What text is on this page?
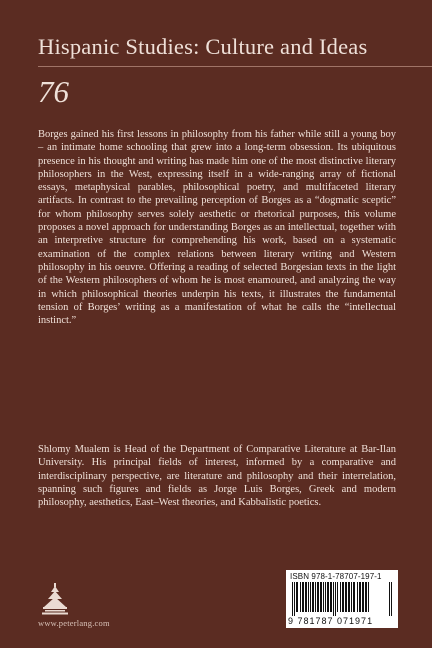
Hispanic Studies: Culture and Ideas
76

Borges gained his first lessons in philosophy from his father while still a young boy – an intimate home schooling that grew into a long-term obsession. Its ubiquitous presence in his thought and writing has made him one of the most distinctive literary philosophers in the West, expressing itself in a wide-ranging array of fictional essays, metaphysical parables, philosophical poetry, and multifaceted literary artifacts. In contrast to the prevailing perception of Borges as a “dogmatic sceptic” for whom philosophy serves solely aesthetic or rhetorical purposes, this volume proposes a novel approach for understanding Borges as an intellectual, together with an interpretive structure for comprehending his work, based on a systematic examination of the complex relations between literary writing and Western philosophy in his oeuvre. Offering a reading of selected Borgesian texts in the light of the Western philosophers of whom he is most enamoured, and analyzing the way in which philosophical theories underpin his texts, it illustrates the fundamental tension of Borges’ writing as a manifestation of what he calls the “intellectual instinct.”

Shlomy Mualem is Head of the Department of Comparative Literature at Bar-Ilan University. His principal fields of interest, informed by a comparative and interdisciplinary perspective, are literature and philosophy and their interrelation, spanning such figures and fields as Jorge Luis Borges, Greek and modern philosophy, aesthetics, East–West theories, and Kabbalistic poetics.

www.peterlang.com
ISBN 978-1-78707-197-1
9 781787 071971
